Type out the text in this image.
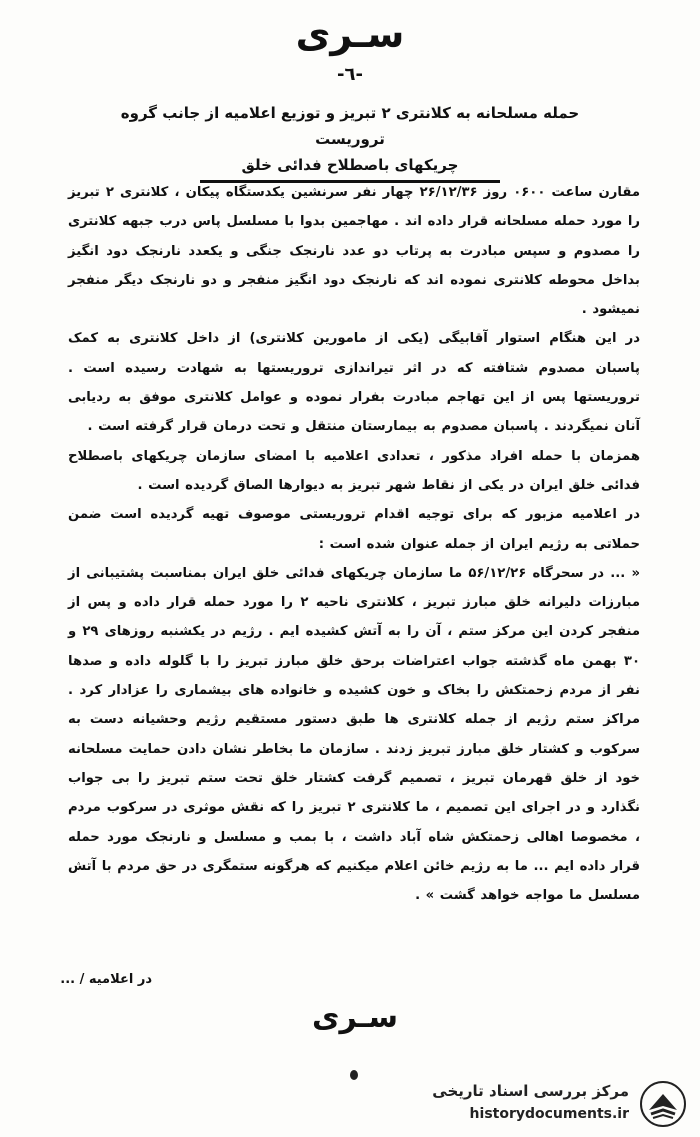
سـری
-٦-
حمله مسلحانه به کلانتری ۲ تبریز و توزیع اعلامیه از جانب گروه تروریست
چریکهای باصطلاح فدائی خلق

مقارن ساعت ۰۶۰۰ روز ۲۶/۱۲/۳۶ چهار نفر سرنشین یکدستگاه پیکان ، کلانتری ۲ تبریز را مورد حمله مسلحانه قرار داده اند . مهاجمین بدوا با مسلسل پاس درب جبهه کلانتری را مصدوم و سپس مبادرت به پرتاب دو عدد نارنجک جنگی و یکعدد نارنجک دود انگیز بداخل محوطه کلانتری نموده اند که نارنجک دود انگیز منفجر و دو نارنجک دیگر منفجر نمیشود .

در این هنگام استوار آقابیگی (یکی از مامورین کلانتری) از داخل کلانتری به کمک پاسبان مصدوم شتافته که در اثر تیراندازی تروریستها به شهادت رسیده است . تروریستها پس از این تهاجم مبادرت بفرار نموده و عوامل کلانتری موفق به ردیابی آنان نمیگردند . پاسبان مصدوم به بیمارستان منتقل و تحت درمان قرار گرفته است .

همزمان با حمله افراد مذکور ، تعدادی اعلامیه با امضای سازمان چریکهای باصطلاح فدائی خلق ایران در یکی از نقاط شهر تبریز به دیوارها الصاق گردیده است .

در اعلامیه مزبور که برای توجیه اقدام تروریستی موصوف تهیه گردیده است ضمن حملاتی به رژیم ایران از جمله عنوان شده است :

« ... در سحرگاه ۵۶/۱۲/۲۶ ما سازمان چریکهای فدائی خلق ایران بمناسبت پشتیبانی از مبارزات دلیرانه خلق مبارز تبریز ، کلانتری ناحیه ۲ را مورد حمله قرار داده و پس از منفجر کردن این مرکز ستم ، آن را به آتش کشیده ایم . رژیم در یکشنبه روزهای ۲۹ و ۳۰ بهمن ماه گذشته جواب اعتراضات برحق خلق مبارز تبریز را با گلوله داده و صدها نفر از مردم زحمتکش را بخاک و خون کشیده و خانواده های بیشماری را عزادار کرد . مراکز ستم رژیم از جمله کلانتری ها طبق دستور مستقیم رژیم وحشیانه دست به سرکوب و کشتار خلق مبارز تبریز زدند . سازمان ما بخاطر نشان دادن حمایت مسلحانه خود از خلق قهرمان تبریز ، تصمیم گرفت کشتار خلق تحت ستم تبریز را بی جواب نگذارد و در اجرای این تصمیم ، ما کلانتری ۲ تبریز را که نقش موثری در سرکوب مردم ، مخصوصا اهالی زحمتکش شاه آباد داشت ، با بمب و مسلسل و نارنجک مورد حمله قرار داده ایم ... ما به رژیم خائن اعلام میکنیم که هرگونه ستمگری در حق مردم با آتش مسلسل ما مواجه خواهد گشت » .

در اعلامیه / ...
سـری
مرکز بررسی اسناد تاریخی
historydocuments.ir
